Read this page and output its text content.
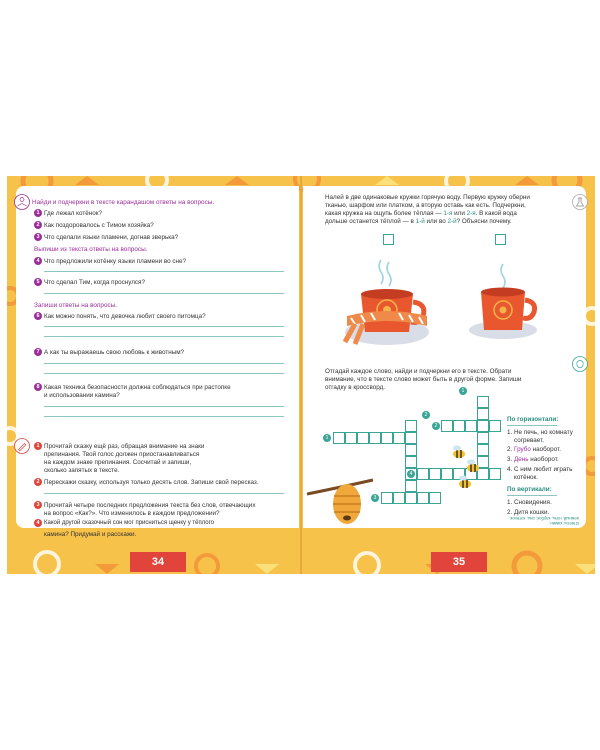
Найди и подчеркни в тексте карандашом ответы на вопросы.
1 Где лежал котёнок?
2 Как поздоровалось с Тимом хозяйка?
3 Что сделали языки пламени, догнав зверька?
Выпиши из текста ответы на вопросы.
4 Что предложили котёнку языки пламени во сне?
5 Что сделал Тим, когда проснулся?
Запиши ответы на вопросы.
6 Как можно понять, что девочка любит своего питомца?
7 А как ты выражаешь свою любовь к животным?
8 Какая техника безопасности должна соблюдаться при растопке
и использовании камина?
1 Прочитай сказку ещё раз, обращая внимание на знаки
препинания. Твой голос должен приостанавливаться
на каждом знаке препинания. Сосчитай и запиши,
сколько запятых в тексте.
2 Перескажи сказку, используя только десять слов. Запиши свой пересказ.
3 Прочитай четыре последних предложения текста без слов, отвечающих
на вопрос «Как?». Что изменилось в каждом предложении?
4 Какой другой сказочный сон мог присниться щенку у тёплого
камина? Придумай и расскажи.
34
Налей в две одинаковые кружки горячую воду. Первую кружку оберни
тканью, шарфом или платком, а вторую оставь как есть. Подчеркни,
какая кружка на ощупь более тёплая — 1-я или 2-я. В какой вода
дольше останется тёплой — в 1-й или во 2-й? Объясни почему.
Отгадай каждое слово, найди и подчеркни его в тексте. Обрати
внимание, что в тексте слово может быть в другой форме. Запиши
отгадку в кроссворд.	1
2
1
2
3
4
По горизонтали:
1. Не печь, но комнату
согревает.
2. Грубо наоборот.
3. День наоборот.
4. С ним любит играть
котёнок.
По вертикали:
1. Сновидения.
2. Дитя кошки.
Ответы: камин,
нежный, ночь, клубок; сны, котёнок.
35
